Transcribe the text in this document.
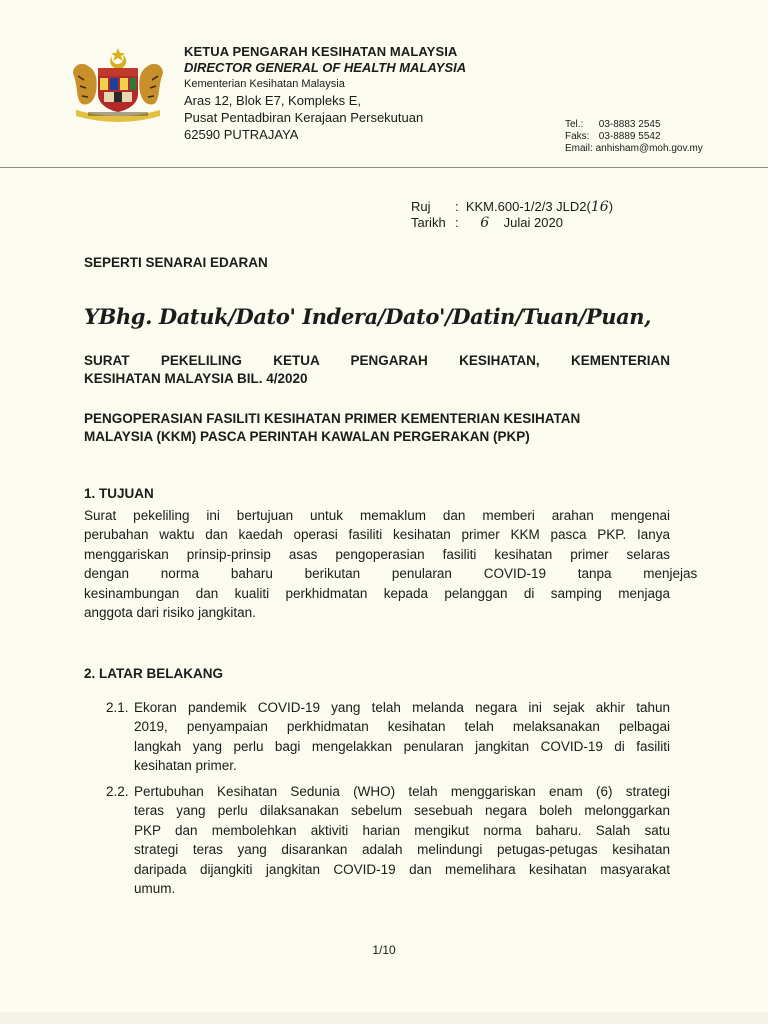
KETUA PENGARAH KESIHATAN MALAYSIA
DIRECTOR GENERAL OF HEALTH MALAYSIA
Kementerian Kesihatan Malaysia
Aras 12, Blok E7, Kompleks E,
Pusat Pentadbiran Kerajaan Persekutuan
62590 PUTRAJAYA
Tel.: 03-8883 2545
Faks: 03-8889 5542
Email: anhisham@moh.gov.my
Ruj :  KKM.600-1/2/3 JLD2(16)
Tarikh :      6 Julai 2020
SEPERTI SENARAI EDARAN
YBhg. Datuk/Dato' Indera/Dato'/Datin/Tuan/Puan,
SURAT PEKELILING KETUA PENGARAH KESIHATAN, KEMENTERIAN
KESIHATAN MALAYSIA BIL. 4/2020
PENGOPERASIAN FASILITI KESIHATAN PRIMER KEMENTERIAN KESIHATAN
MALAYSIA (KKM) PASCA PERINTAH KAWALAN PERGERAKAN (PKP)
1. TUJUAN
Surat pekeliling ini bertujuan untuk memaklum dan memberi arahan mengenai
perubahan waktu dan kaedah operasi fasiliti kesihatan primer KKM pasca PKP. Ianya
menggariskan prinsip-prinsip asas pengoperasian fasiliti kesihatan primer selaras
dengan norma baharu berikutan penularan COVID-19 tanpa menjejas
kesinambungan dan kualiti perkhidmatan kepada pelanggan di samping menjaga
anggota dari risiko jangkitan.
2. LATAR BELAKANG
2.1. Ekoran pandemik COVID-19 yang telah melanda negara ini sejak akhir tahun
2019, penyampaian perkhidmatan kesihatan telah melaksanakan pelbagai
langkah yang perlu bagi mengelakkan penularan jangkitan COVID-19 di fasiliti
kesihatan primer.
2.2. Pertubuhan Kesihatan Sedunia (WHO) telah menggariskan enam (6) strategi
teras yang perlu dilaksanakan sebelum sesebuah negara boleh melonggarkan
PKP dan membolehkan aktiviti harian mengikut norma baharu. Salah satu
strategi teras yang disarankan adalah melindungi petugas-petugas kesihatan
daripada dijangkiti jangkitan COVID-19 dan memelihara kesihatan masyarakat
umum.
1/10
